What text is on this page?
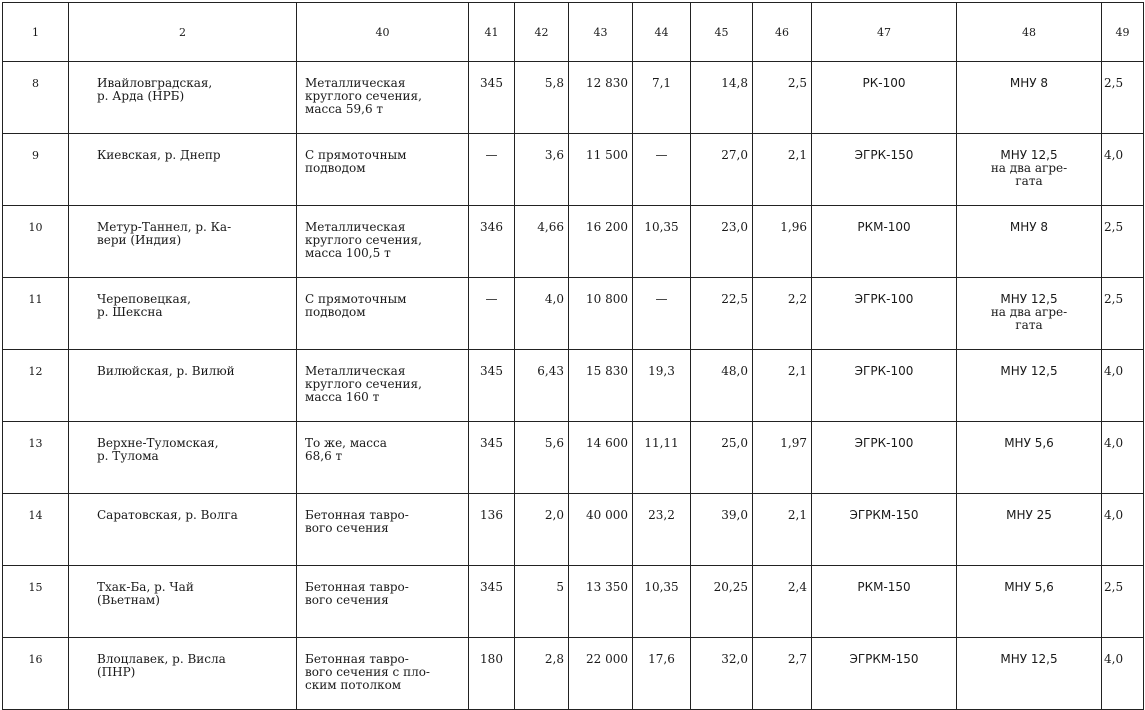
1	2	40	41	42	43	44	45	46	47	48	49

8	Ивайловградская,
р. Арда (НРБ)	Металлическая
круглого сечения,
масса 59,6 т	345	5,8	12 830	7,1	14,8	2,5	РК-100	МНУ 8	2,5

9	Киевская, р. Днепр	С прямоточным
подводом	—	3,6	11 500	—	27,0	2,1	ЭГРК-150	МНУ 12,5
на два агре-
гата	4,0

10	Метур-Таннел, р. Ка-
вери (Индия)	Металлическая
круглого сечения,
масса 100,5 т	346	4,66	16 200	10,35	23,0	1,96	РКМ-100	МНУ 8	2,5

11	Череповецкая,
р. Шексна	С прямоточным
подводом	—	4,0	10 800	—	22,5	2,2	ЭГРК-100	МНУ 12,5
на два агре-
гата	2,5

12	Вилюйская, р. Вилюй	Металлическая
круглого сечения,
масса 160 т	345	6,43	15 830	19,3	48,0	2,1	ЭГРК-100	МНУ 12,5	4,0

13	Верхне-Туломская,
р. Тулома	То же, масса
68,6 т	345	5,6	14 600	11,11	25,0	1,97	ЭГРК-100	МНУ 5,6	4,0

14	Саратовская, р. Волга	Бетонная тавро-
вого сечения	136	2,0	40 000	23,2	39,0	2,1	ЭГРКМ-150	МНУ 25	4,0

15	Тхак-Ба, р. Чай
(Вьетнам)	Бетонная тавро-
вого сечения	345	5	13 350	10,35	20,25	2,4	РКМ-150	МНУ 5,6	2,5

16	Влоцлавек, р. Висла
(ПНР)	Бетонная тавро-
вого сечения с пло-
ским потолком	180	2,8	22 000	17,6	32,0	2,7	ЭГРКМ-150	МНУ 12,5	4,0
